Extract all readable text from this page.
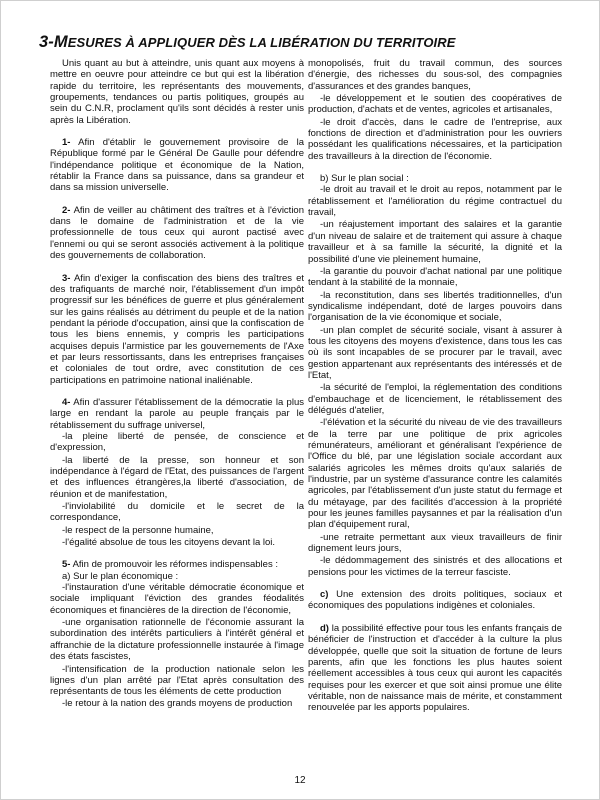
3-MESURES À APPLIQUER DÈS LA LIBÉRATION DU TERRITOIRE

Unis quant au but à atteindre, unis quant aux moyens à mettre en oeuvre pour atteindre ce but qui est la libération rapide du territoire, les représentants des mouvements, groupements, tendances ou partis politiques, groupés au sein du C.N.R, proclament qu'ils sont décidés à rester unis après la Libération.

1- Afin d'établir le gouvernement provisoire de la République formé par le Général De Gaulle pour défendre l'indépendance politique et économique de la Nation, rétablir la France dans sa puissance, dans sa grandeur et dans sa mission universelle.

2- Afin de veiller au châtiment des traîtres et à l'éviction dans le domaine de l'administration et de la vie professionnelle de tous ceux qui auront pactisé avec l'ennemi ou qui se seront associés activement à la politique des gouvernements de collaboration.

3- Afin d'exiger la confiscation des biens des traîtres et des trafiquants de marché noir, l'établissement d'un impôt progressif sur les bénéfices de guerre et plus généralement sur les gains réalisés au détriment du peuple et de la nation pendant la période d'occupation, ainsi que la confiscation de tous les biens ennemis, y compris les participations acquises depuis l'armistice par les gouvernements de l'Axe et par leurs ressortissants, dans les entreprises françaises et coloniales de tout ordre, avec constitution de ces participations en patrimoine national inaliénable.

4- Afin d'assurer l'établissement de la démocratie la plus large en rendant la parole au peuple français par le rétablissement du suffrage universel,

-la pleine liberté de pensée, de conscience et d'expression,

-la liberté de la presse, son honneur et son indépendance à l'égard de l'Etat, des puissances de l'argent et des influences étrangères,la liberté d'association, de réunion et de manifestation,

-l'inviolabilité du domicile et le secret de la correspondance,

-le respect de la personne humaine,

-l'égalité absolue de tous les citoyens devant la loi.

5- Afin de promouvoir les réformes indispensables :

a) Sur le plan économique :

-l'instauration d'une véritable démocratie économique et sociale impliquant l'éviction des grandes féodalités économiques et financières de la direction de l'économie,

-une organisation rationnelle de l'économie assurant la subordination des intérêts particuliers à l'intérêt général et affranchie de la dictature professionnelle instaurée à l'image des états fascistes,

-l'intensification de la production nationale selon les lignes d'un plan arrêté par l'Etat après consultation des représentants de tous les éléments de cette production

-le retour à la nation des grands moyens de production

monopolisés, fruit du travail commun, des sources d'énergie, des richesses du sous-sol, des compagnies d'assurances et des grandes banques,

-le développement et le soutien des coopératives de production, d'achats et de ventes, agricoles et artisanales,

-le droit d'accès, dans le cadre de l'entreprise, aux fonctions de direction et d'administration pour les ouvriers possédant les qualifications nécessaires, et la participation des travailleurs à la direction de l'économie.

b) Sur le plan social :

-le droit au travail et le droit au repos, notamment par le rétablissement et l'amélioration du régime contractuel du travail,

-un réajustement important des salaires et la garantie d'un niveau de salaire et de traitement qui assure à chaque travailleur et à sa famille la sécurité, la dignité et la possibilité d'une vie pleinement humaine,

-la garantie du pouvoir d'achat national par une politique tendant à la stabilité de la monnaie,

-la reconstitution, dans ses libertés traditionnelles, d'un syndicalisme indépendant, doté de larges pouvoirs dans l'organisation de la vie économique et sociale,

-un plan complet de sécurité sociale, visant à assurer à tous les citoyens des moyens d'existence, dans tous les cas où ils sont incapables de se procurer par le travail, avec gestion appartenant aux représentants des intéressés et de l'Etat,

-la sécurité de l'emploi, la réglementation des conditions d'embauchage et de licenciement, le rétablissement des délégués d'atelier,

-l'élévation et la sécurité du niveau de vie des travailleurs de la terre par une politique de prix agricoles rémunérateurs, améliorant et généralisant l'expérience de l'Office du blé, par une législation sociale accordant aux salariés agricoles les mêmes droits qu'aux salariés de l'industrie, par un système d'assurance contre les calamités agricoles, par l'établissement d'un juste statut du fermage et du métayage, par des facilités d'accession à la propriété pour les jeunes familles paysannes et par la réalisation d'un plan d'équipement rural,

-une retraite permettant aux vieux travailleurs de finir dignement leurs jours,

-le dédommagement des sinistrés et des allocations et pensions pour les victimes de la terreur fasciste.

c) Une extension des droits politiques, sociaux et économiques des populations indigènes et coloniales.

d) la possibilité effective pour tous les enfants français de bénéficier de l'instruction et d'accéder à la culture la plus développée, quelle que soit la situation de fortune de leurs parents, afin que les fonctions les plus hautes soient réellement accessibles à tous ceux qui auront les capacités requises pour les exercer et que soit ainsi promue une élite véritable, non de naissance mais de mérite, et constamment renouvelée par les apports populaires.

12
